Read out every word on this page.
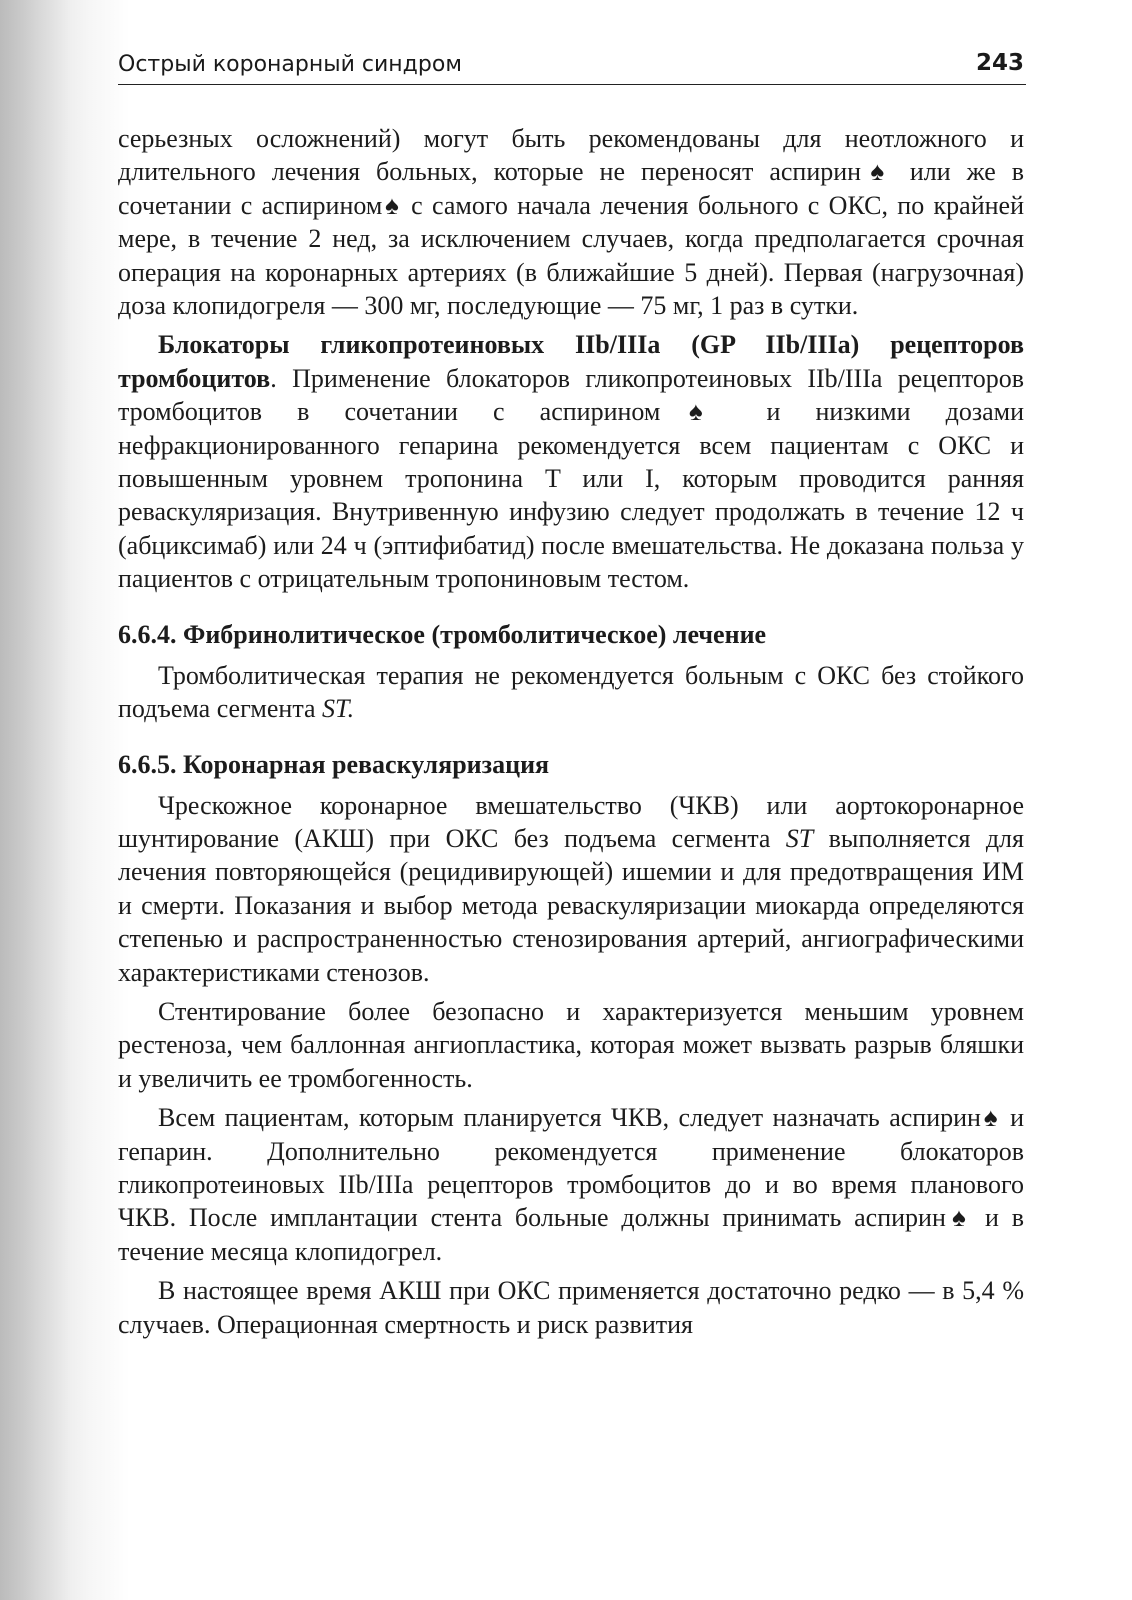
Острый коронарный синдром	243

серьезных осложнений) могут быть рекомендованы для неотложного и длительного лечения больных, которые не переносят аспирин♠ или же в сочетании с аспирином♠ с самого начала лечения больного с ОКС, по крайней мере, в течение 2 нед, за исключением случаев, когда предполагается срочная операция на коронарных артериях (в ближайшие 5 дней). Первая (нагрузочная) доза клопидогреля — 300 мг, последующие — 75 мг, 1 раз в сутки.

Блокаторы гликопротеиновых IIb/IIIa (GP IIb/IIIa) рецепторов тромбоцитов. Применение блокаторов гликопротеиновых IIb/IIIa рецепторов тромбоцитов в сочетании с аспирином♠ и низкими дозами нефракционированного гепарина рекомендуется всем пациентам с ОКС и повышенным уровнем тропонина T или I, которым проводится ранняя реваскуляризация. Внутривенную инфузию следует продолжать в течение 12 ч (абциксимаб) или 24 ч (эптифибатид) после вмешательства. Не доказана польза у пациентов с отрицательным тропониновым тестом.

6.6.4. Фибринолитическое (тромболитическое) лечение

Тромболитическая терапия не рекомендуется больным с ОКС без стойкого подъема сегмента ST.

6.6.5. Коронарная реваскуляризация

Чрескожное коронарное вмешательство (ЧКВ) или аортокоронарное шунтирование (АКШ) при ОКС без подъема сегмента ST выполняется для лечения повторяющейся (рецидивирующей) ишемии и для предотвращения ИМ и смерти. Показания и выбор метода реваскуляризации миокарда определяются степенью и распространенностью стенозирования артерий, ангиографическими характеристиками стенозов.

Стентирование более безопасно и характеризуется меньшим уровнем рестеноза, чем баллонная ангиопластика, которая может вызвать разрыв бляшки и увеличить ее тромбогенность.

Всем пациентам, которым планируется ЧКВ, следует назначать аспирин♠ и гепарин. Дополнительно рекомендуется применение блокаторов гликопротеиновых IIb/IIIa рецепторов тромбоцитов до и во время планового ЧКВ. После имплантации стента больные должны принимать аспирин♠ и в течение месяца клопидогрел.

В настоящее время АКШ при ОКС применяется достаточно редко — в 5,4 % случаев. Операционная смертность и риск развития
